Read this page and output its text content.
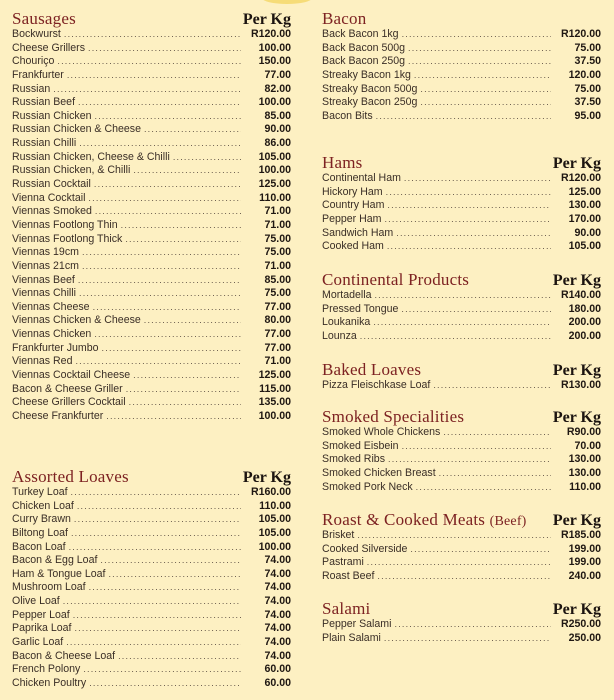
Sausages	Per Kg
Bockwurst .....	R120.00
Cheese Grillers .....	100.00
Chouriço .....	150.00
Frankfurter .....	77.00
Russian .....	82.00
Russian Beef .....	100.00
Russian Chicken .....	85.00
Russian Chicken & Cheese .....	90.00
Russian Chilli .....	86.00
Russian Chicken, Cheese & Chilli .....	105.00
Russian Chicken, & Chilli .....	100.00
Russian Cocktail .....	125.00
Vienna Cocktail .....	110.00
Viennas Smoked .....	71.00
Viennas Footlong Thin .....	71.00
Viennas Footlong Thick .....	75.00
Viennas 19cm .....	75.00
Viennas 21cm .....	71.00
Viennas Beef .....	85.00
Viennas Chilli .....	75.00
Viennas Cheese .....	77.00
Viennas Chicken & Cheese .....	80.00
Viennas Chicken .....	77.00
Frankfurter Jumbo .....	77.00
Viennas Red .....	71.00
Viennas Cocktail Cheese .....	125.00
Bacon & Cheese Griller .....	115.00
Cheese Grillers Cocktail .....	135.00
Cheese Frankfurter .....	100.00
Assorted Loaves	Per Kg
Turkey Loaf .....	R160.00
Chicken Loaf .....	110.00
Curry Brawn .....	105.00
Biltong Loaf .....	105.00
Bacon Loaf .....	100.00
Bacon & Egg Loaf .....	74.00
Ham & Tongue Loaf .....	74.00
Mushroom Loaf .....	74.00
Olive Loaf .....	74.00
Pepper Loaf .....	74.00
Paprika Loaf .....	74.00
Garlic Loaf .....	74.00
Bacon & Cheese Loaf .....	74.00
French Polony .....	60.00
Chicken Poultry .....	60.00
Bacon
Back Bacon 1kg .....	R120.00
Back Bacon 500g .....	75.00
Back Bacon 250g .....	37.50
Streaky Bacon 1kg .....	120.00
Streaky Bacon 500g .....	75.00
Streaky Bacon 250g .....	37.50
Bacon Bits .....	95.00
Hams	Per Kg
Continental Ham .....	R120.00
Hickory Ham .....	125.00
Country Ham .....	130.00
Pepper Ham .....	170.00
Sandwich Ham .....	90.00
Cooked Ham .....	105.00
Continental Products	Per Kg
Mortadella .....	R140.00
Pressed Tongue .....	180.00
Loukanika .....	200.00
Lounza .....	200.00
Baked Loaves	Per Kg
Pizza Fleischkase Loaf .....	R130.00
Smoked Specialities	Per Kg
Smoked Whole Chickens .....	R90.00
Smoked Eisbein .....	70.00
Smoked Ribs .....	130.00
Smoked Chicken Breast .....	130.00
Smoked Pork Neck .....	110.00
Roast & Cooked Meats (Beef) Per Kg
Brisket .....	R185.00
Cooked Silverside .....	199.00
Pastrami .....	199.00
Roast Beef .....	240.00
Salami	Per Kg
Pepper Salami .....	R250.00
Plain Salami .....	250.00
